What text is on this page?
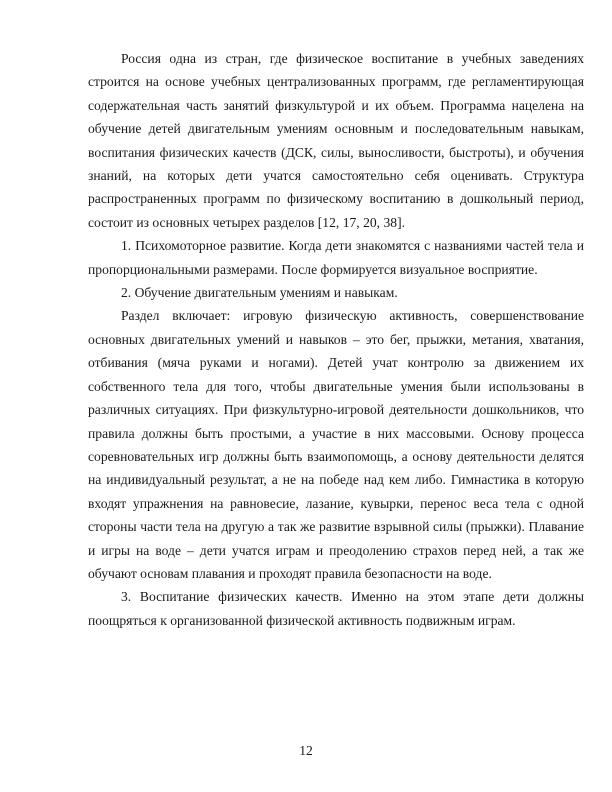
Россия одна из стран, где физическое воспитание в учебных заведениях строится на основе учебных централизованных программ, где регламентирующая содержательная часть занятий физкультурой и их объем. Программа нацелена на обучение детей двигательным умениям основным и последовательным навыкам, воспитания физических качеств (ДСК, силы, выносливости, быстроты), и обучения знаний, на которых дети учатся самостоятельно себя оценивать. Структура распространенных программ по физическому воспитанию в дошкольный период, состоит из основных четырех разделов [12, 17, 20, 38].

1. Психомоторное развитие. Когда дети знакомятся с названиями частей тела и пропорциональными размерами. После формируется визуальное восприятие.

2. Обучение двигательным умениям и навыкам.

Раздел включает: игровую физическую активность, совершенствование основных двигательных умений и навыков – это бег, прыжки, метания, хватания, отбивания (мяча руками и ногами). Детей учат контролю за движением их собственного тела для того, чтобы двигательные умения были использованы в различных ситуациях. При физкультурно-игровой деятельности дошкольников, что правила должны быть простыми, а участие в них массовыми. Основу процесса соревновательных игр должны быть взаимопомощь, а основу деятельности делятся на индивидуальный результат, а не на победе над кем либо. Гимнастика в которую входят упражнения на равновесие, лазание, кувырки, перенос веса тела с одной стороны части тела на другую а так же развитие взрывной силы (прыжки). Плавание и игры на воде – дети учатся играм и преодолению страхов перед ней, а так же обучают основам плавания и проходят правила безопасности на воде.

3. Воспитание физических качеств. Именно на этом этапе дети должны поощряться к организованной физической активность подвижным играм.

12
